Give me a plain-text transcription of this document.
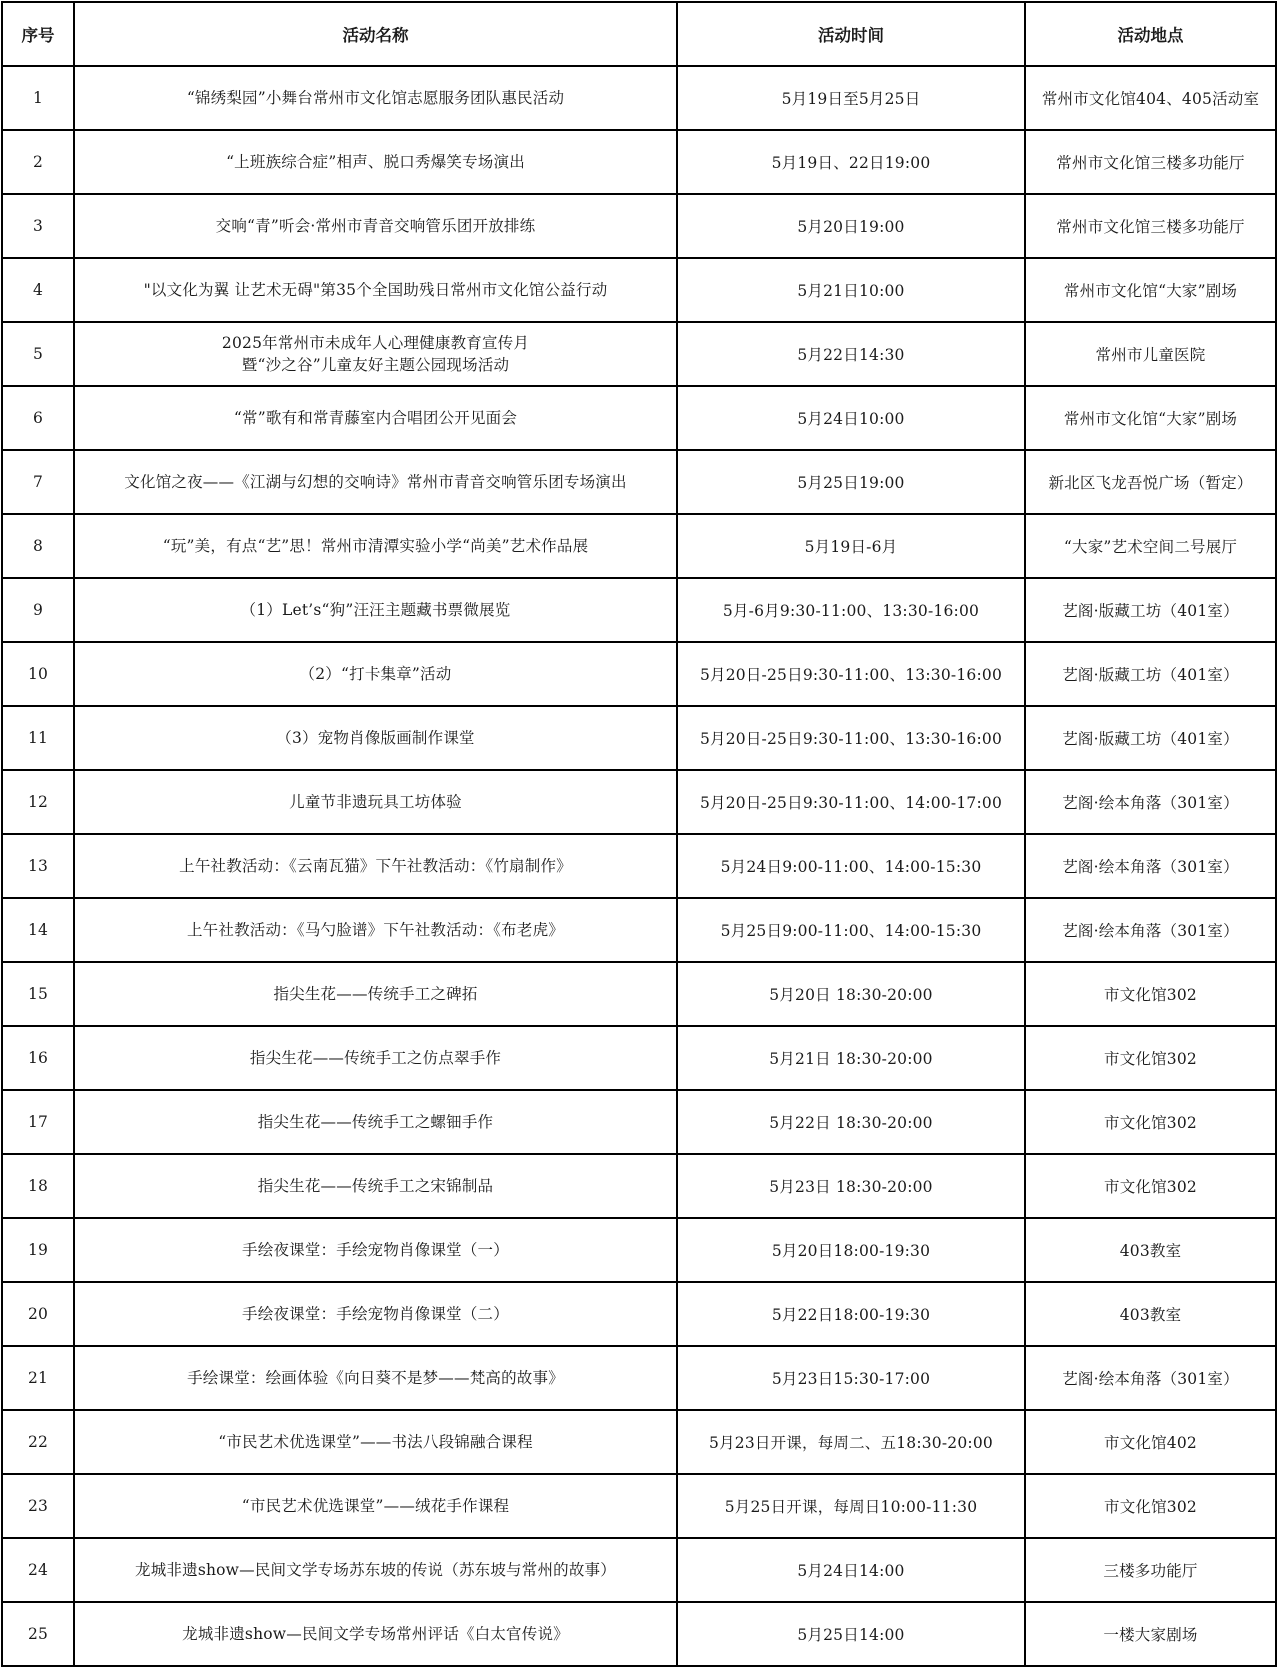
序号	活动名称	活动时间	活动地点
1	“锦绣梨园”小舞台常州市文化馆志愿服务团队惠民活动	5月19日至5月25日	常州市文化馆404、405活动室
2	“上班族综合症”相声、脱口秀爆笑专场演出	5月19日、22日19:00	常州市文化馆三楼多功能厅
3	交响“青”听会·常州市青音交响管乐团开放排练	5月20日19:00	常州市文化馆三楼多功能厅
4	"以文化为翼 让艺术无碍"第35个全国助残日常州市文化馆公益行动	5月21日10:00	常州市文化馆“大家”剧场
5	2025年常州市未成年人心理健康教育宣传月
暨“沙之谷”儿童友好主题公园现场活动	5月22日14:30	常州市儿童医院
6	“常”歌有和常青藤室内合唱团公开见面会	5月24日10:00	常州市文化馆“大家”剧场
7	文化馆之夜——《江湖与幻想的交响诗》常州市青音交响管乐团专场演出	5月25日19:00	新北区飞龙吾悦广场（暂定）
8	“玩”美，有点“艺”思！常州市清潭实验小学“尚美”艺术作品展	5月19日-6月	“大家”艺术空间二号展厅
9	（1）Let’s“狗”汪汪主题藏书票微展览	5月-6月9:30-11:00、13:30-16:00	艺阁·版藏工坊（401室）
10	（2）“打卡集章”活动	5月20日-25日9:30-11:00、13:30-16:00	艺阁·版藏工坊（401室）
11	（3）宠物肖像版画制作课堂	5月20日-25日9:30-11:00、13:30-16:00	艺阁·版藏工坊（401室）
12	儿童节非遗玩具工坊体验	5月20日-25日9:30-11:00、14:00-17:00	艺阁·绘本角落（301室）
13	上午社教活动：《云南瓦猫》下午社教活动：《竹扇制作》	5月24日9:00-11:00、14:00-15:30	艺阁·绘本角落（301室）
14	上午社教活动：《马勺脸谱》下午社教活动：《布老虎》	5月25日9:00-11:00、14:00-15:30	艺阁·绘本角落（301室）
15	指尖生花——传统手工之碑拓	5月20日 18:30-20:00	市文化馆302
16	指尖生花——传统手工之仿点翠手作	5月21日 18:30-20:00	市文化馆302
17	指尖生花——传统手工之螺钿手作	5月22日 18:30-20:00	市文化馆302
18	指尖生花——传统手工之宋锦制品	5月23日 18:30-20:00	市文化馆302
19	手绘夜课堂：手绘宠物肖像课堂（一）	5月20日18:00-19:30	403教室
20	手绘夜课堂：手绘宠物肖像课堂（二）	5月22日18:00-19:30	403教室
21	手绘课堂：绘画体验《向日葵不是梦——梵高的故事》	5月23日15:30-17:00	艺阁·绘本角落（301室）
22	“市民艺术优选课堂”——书法八段锦融合课程	5月23日开课，每周二、五18:30-20:00	市文化馆402
23	“市民艺术优选课堂”——绒花手作课程	5月25日开课，每周日10:00-11:30	市文化馆302
24	龙城非遗show—民间文学专场苏东坡的传说（苏东坡与常州的故事）	5月24日14:00	三楼多功能厅
25	龙城非遗show—民间文学专场常州评话《白太官传说》	5月25日14:00	一楼大家剧场
